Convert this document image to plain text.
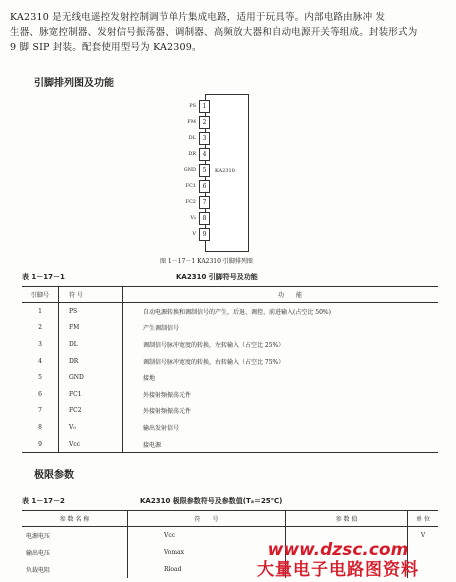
KA2310 是无线电遥控发射控制调节单片集成电路，适用于玩具等。内部电路由脉冲 发

生器、脉宽控制器、发射信号振荡器、调制器、高频放大器和自动电源开关等组成。封装形式为

9 脚 SIP 封装。配套使用型号为 KA2309。

引脚排列图及功能
KA2310
PS	1
FM	2
DL	3
DR	4
GND	5
FC1	6
FC2	7
V₀	8
V	9
图 1－17－1 KA2310 引脚排列图
表 1－17－1	KA2310 引脚符号及功能
引脚号	符 号	功　　能
1	PS	自动电源转换和调制信号的产生，后退、调控、前进输入(占空比 50%)
2	FM	产生调制信号
3	DL	调制信号脉冲宽度的转换，左转输入（占空比 25%）
4	DR	调制信号脉冲宽度的转换，右转输入（占空比 75%）
5	GND	接地
6	FC1	外接射频振荡元件
7	FC2	外接射频振荡元件
8	V₀	输出发射信号
9	Vcc	接电源
极限参数
表 1－17－2	KA2310 极限参数符号及参数值(Tₐ＝25℃)
参 数 名 称	符　　号	参 数 值	单 位
电源电压	Vcc		V
输出电压	Vomax		
负载电阻	Rload		
www.dzsc.com
大量电子电路图资料
